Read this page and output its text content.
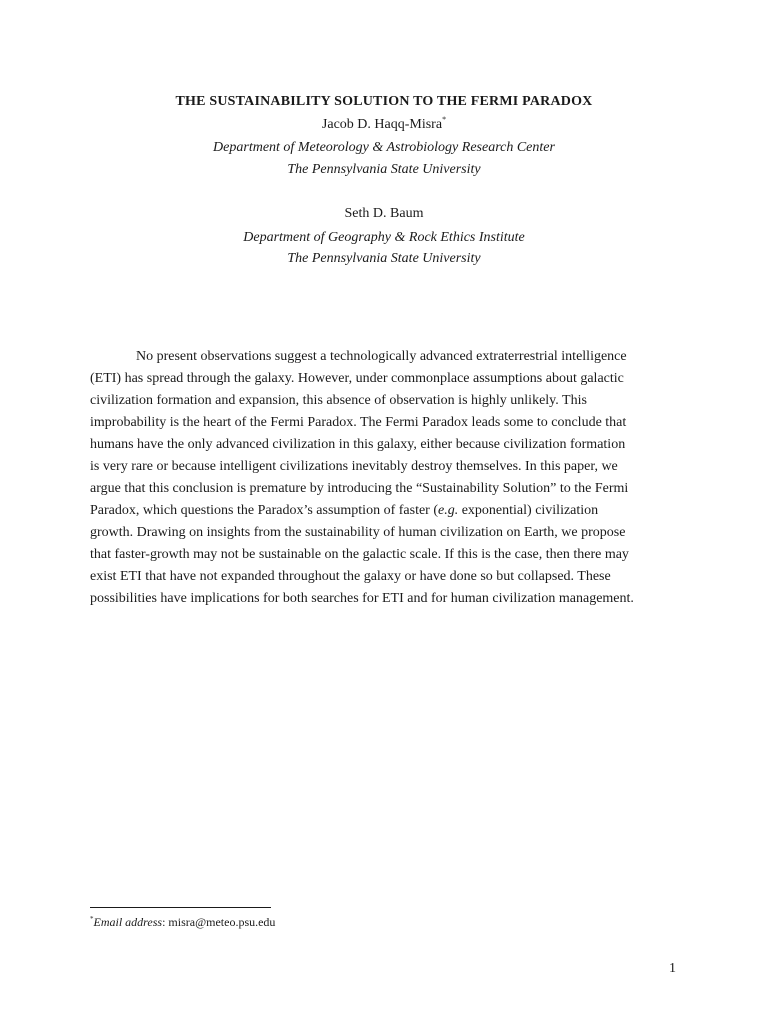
THE SUSTAINABILITY SOLUTION TO THE FERMI PARADOX
Jacob D. Haqq-Misra*
Department of Meteorology & Astrobiology Research Center
The Pennsylvania State University
Seth D. Baum
Department of Geography & Rock Ethics Institute
The Pennsylvania State University
No present observations suggest a technologically advanced extraterrestrial intelligence
(ETI) has spread through the galaxy. However, under commonplace assumptions about galactic
civilization formation and expansion, this absence of observation is highly unlikely. This
improbability is the heart of the Fermi Paradox. The Fermi Paradox leads some to conclude that
humans have the only advanced civilization in this galaxy, either because civilization formation
is very rare or because intelligent civilizations inevitably destroy themselves. In this paper, we
argue that this conclusion is premature by introducing the “Sustainability Solution” to the Fermi
Paradox, which questions the Paradox’s assumption of faster (e.g. exponential) civilization
growth. Drawing on insights from the sustainability of human civilization on Earth, we propose
that faster-growth may not be sustainable on the galactic scale. If this is the case, then there may
exist ETI that have not expanded throughout the galaxy or have done so but collapsed. These
possibilities have implications for both searches for ETI and for human civilization management.
*Email address: misra@meteo.psu.edu
1
